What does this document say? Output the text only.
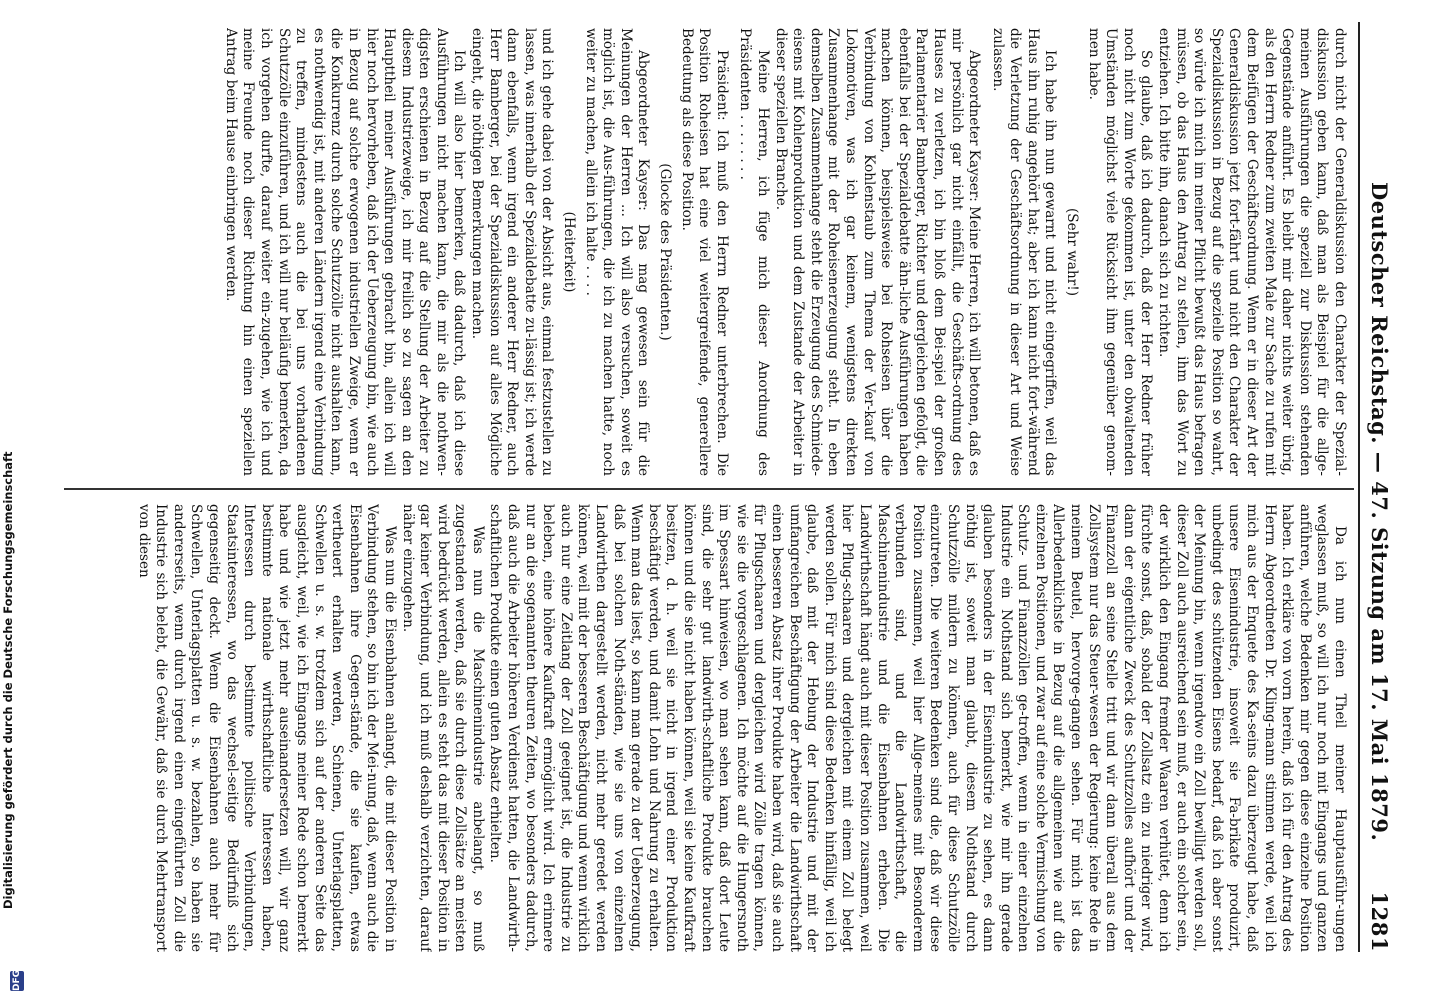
Deutscher Reichstag. — 47. Sitzung am 17. Mai 1879.
1281

durch nicht der Generaldiskussion den Charakter der Spezial-diskussion geben kann, daß man als Beispiel für die allge-meinen Ausführungen die speziell zur Diskussion stehenden Gegenstände anführt. Es bleibt mir daher nichts weiter übrig, als den Herrn Redner zum zweiten Male zur Sache zu rufen mit dem Beifügen der Geschäftsordnung. Wenn er in dieser Art der Generaldiskussion jetzt fort-fährt und nicht den Charakter der Spezialdiskussion in Bezug auf die spezielle Position so wahrt, so würde ich mich im meiner Pflicht bewußt das Haus befragen müssen, ob das Haus den Antrag zu stellen, ihm das Wort zu entziehen. Ich bitte ihn, danach sich zu richten.

So glaube, daß ich dadurch, daß der Herr Redner früher noch nicht zum Worte gekommen ist, unter den obwaltenden Umständen möglichst viele Rücksicht ihm gegenüber genom-men habe.

(Sehr wahr!)

Ich habe ihn nun gewarnt und nicht eingegriffen, weil das Haus ihn ruhig angehört hat; aber ich kann nicht fort-während die Verletzung der Geschäftsordnung in dieser Art und Weise zulassen.

Abgeordneter Kayser: Meine Herren, ich will betonen, daß es mir persönlich gar nicht einfällt, die Geschäfts-ordnung des Hauses zu verletzen, ich bin bloß dem Bei-spiel der großen Parlamentarier Bamberger, Richter und dergleichen gefolgt, die ebenfalls bei der Spezialdebatte ähn-liche Ausführungen haben machen können, beispielsweise bei Rohseisen über die Verbindung von Kohlenstaub zum Thema der Ver-kauf von Lokomotiven, was ich gar keinem, wenigstens direkten Zusammenhange mit der Roheisenerzeugung steht. In eben demselben Zusammenhange steht die Erzeugung des Schmiede-eisens mit Kohlenproduktion und dem Zustande der Arbeiter in dieser speziellen Branche.

Meine Herren, ich füge mich dieser Anordnung des Präsidenten . . . . . . . .

Präsident: Ich muß den Herrn Redner unterbrechen. Die Position Roheisen hat eine viel weitergreifende, generellere Bedeutung als diese Position.

(Glocke des Präsidenten.)

Abgeordneter Kayser: Das mag gewesen sein für die Meinungen der Herren ... Ich will also versuchen, soweit es möglich ist, die Aus-führungen, die ich zu machen hatte, noch weiter zu machen, allein ich halte . . . .

(Heiterkeit)

und ich gehe dabei von der Absicht aus, einmal festzustellen zu lassen, was innerhalb der Spezialdebatte zu-lässig ist; ich werde dann ebenfalls, wenn irgend ein anderer Herr Redner, auch Herr Bamberger, bei der Spezialdiskussion auf alles Mögliche eingeht, die nöthigen Bemerkungen machen.

Ich will also hier bemerken, daß dadurch, daß ich diese Ausführungen nicht machen kann, die mir als die nothwen-digsten erschienen in Bezug auf die Stellung der Arbeiter zu diesem Industriezweige, ich mir freilich so zu sagen an den Haupttheil meiner Ausführungen gebracht bin, allein ich will hier noch hervorheben, daß ich der Ueberzeugung bin, wie auch in Bezug auf solche erwogenen industriellen Zweige, wenn er die Konkurrenz durch solche Schutzzölle nicht aushalten kann, es nothwendig ist, mit anderen Ländern irgend eine Verbindung zu treffen, mindestens auch die bei uns vorhandenen Schutzzölle einzuführen, und ich will nur beiläufig bemerken, da ich vorgehen durfte, darauf weiter ein-zugehen, wie ich und meine Freunde noch dieser Richtung hin einen speziellen Antrag beim Hause einbringen werden.

Da ich nun einen Theil meiner Hauptausführ-ungen weglassen muß, so will ich nur noch mit Eingangs und ganzen anführen, welche Bedenken mir gegen diese einzelne Position haben. Ich erkläre von vorn herein, daß ich für den Antrag des Herrn Abgeordneten Dr. Kling-mann stimmen werde, weil ich mich aus der Enquete des Ka-seins dazu überzeugt habe, daß unsere Eisenindustrie, insoweit sie Fa-brikate produzirt, unbedingt des schützenden Eisens bedarf, daß ich aber sonst der Meinung bin, wenn irgendwo ein Zoll bewilligt werden soll, dieser Zoll auch ausreichend sein muß, er auch ein solcher sein, der wirklich den Eingang fremder Waaren verhütet, denn ich fürchte sonst, daß, sobald der Zollsatz ein zu niedriger wird, dann der eigentliche Zweck des Schutzzolles aufhört und der Finanzzoll an seine Stelle tritt und wir dann überall aus dem Zollsystem nur das Steuer-wesen der Regierung: keine Rede in meinem Beutel, hervorge-gangen sehen. Für mich ist das Allerbedenklichste in Bezug auf die allgemeinen wie auf die einzelnen Positionen, und zwar auf eine solche Vermischung von Schutz- und Finanzzöllen ge-troffen, wenn in einer einzelnen Industrie ein Nothstand sich bemerkt, wie mir ihn gerade glauben besonders in der Eisenindustrie zu sehen, es dann nöthig ist, soweit man glaubt, diesem Nothstand durch Schutzzölle mildern zu können, auch für diese Schutzzölle einzutreten. Die weiteren Bedenken sind die, daß wir diese Position zusammen, weil hier Allge-meines mit Besonderem verbunden sind, und die Landwirthschaft, die Maschinenindustrie und die Eisenbahnen erheben. Die Landwirthschaft hängt auch mit dieser Position zusammen, weil hier Pflug-schaaren und dergleichen mit einem Zoll belegt werden sollen. Für mich sind diese Bedenken hinfällig, weil ich glaube, daß mit der Hebung der Industrie und mit der umfangreichen Beschäftigung der Arbeiter die Landwirthschaft einen besseren Absatz ihrer Produkte haben wird, daß sie auch für Pflugschaaren und dergleichen wird Zölle tragen können, wie sie die vorgeschlagenen. Ich möchte auf die Hungersnoth im Spessart hinweisen, wo man sehen kann, daß dort Leute sind, die sehr gut landwirth-schaftliche Produkte brauchen können und die sie nicht haben können, weil sie keine Kaufkraft besitzen, d. h. weil sie nicht in irgend einer Produktion beschäftigt werden, und damit Lohn und Nahrung zu erhalten. Wenn man das liest, so kann man gerade zu der Ueberzeugung, daß bei solchen Noth-ständen, wie sie uns von einzelnen Landwirthen dargestellt werden, nicht mehr geredet werden können, weil mit der besseren Beschäftigung und wenn wirklich auch nur eine Zeitlang der Zoll geeignet ist, die Industrie zu beleben, eine höhere Kaufkraft ermöglicht wird. Ich erinnere nur an die sogenannten theuren Zeiten, wo besonders dadurch, daß auch die Arbeiter höheren Verdienst hatten, die Landwirth-schaftlichen Produkte einen guten Absatz erhielten.

Was nun die Maschinenindustrie anbelangt, so muß zugestanden werden, daß sie durch diese Zollsätze an meisten wird bedrückt werden, allein es steht das mit dieser Position in gar keiner Verbindung, und ich muß deshalb verzichten, darauf näher einzugehen.

Was nun die Eisenbahnen anlangt, die mit dieser Position in Verbindung stehen, so bin ich der Mei-nung, daß, wenn auch die Eisenbahnen ihre Gegen-stände, die sie kaufen, etwas vertheuert erhalten werden, Schienen, Unterlagsplatten, Schwellen u. s. w. trotzdem sich auf der anderen Seite das ausgleicht, weil, wie ich Eingangs meiner Rede schon bemerkt habe und wie jetzt mehr auseinandersetzen will, wir ganz bestimmte nationale wirthschaftliche Interessen haben, Interessen durch bestimmte politische Verbindungen, Staatsinteressen, wo das wechsel-seitige Bedürfniß sich gegenseitig deckt. Wenn die Eisenbahnen auch mehr für Schwellen, Unterlagsplatten u. s. w. bezahlen, so haben sie andererseits, wenn durch irgend einen eingeführten Zoll die Industrie sich belebt, die Gewähr, daß sie durch Mehrtransport von diesen

Digitalisierung gefördert durch die Deutsche Forschungsgemeinschaft
DFG
